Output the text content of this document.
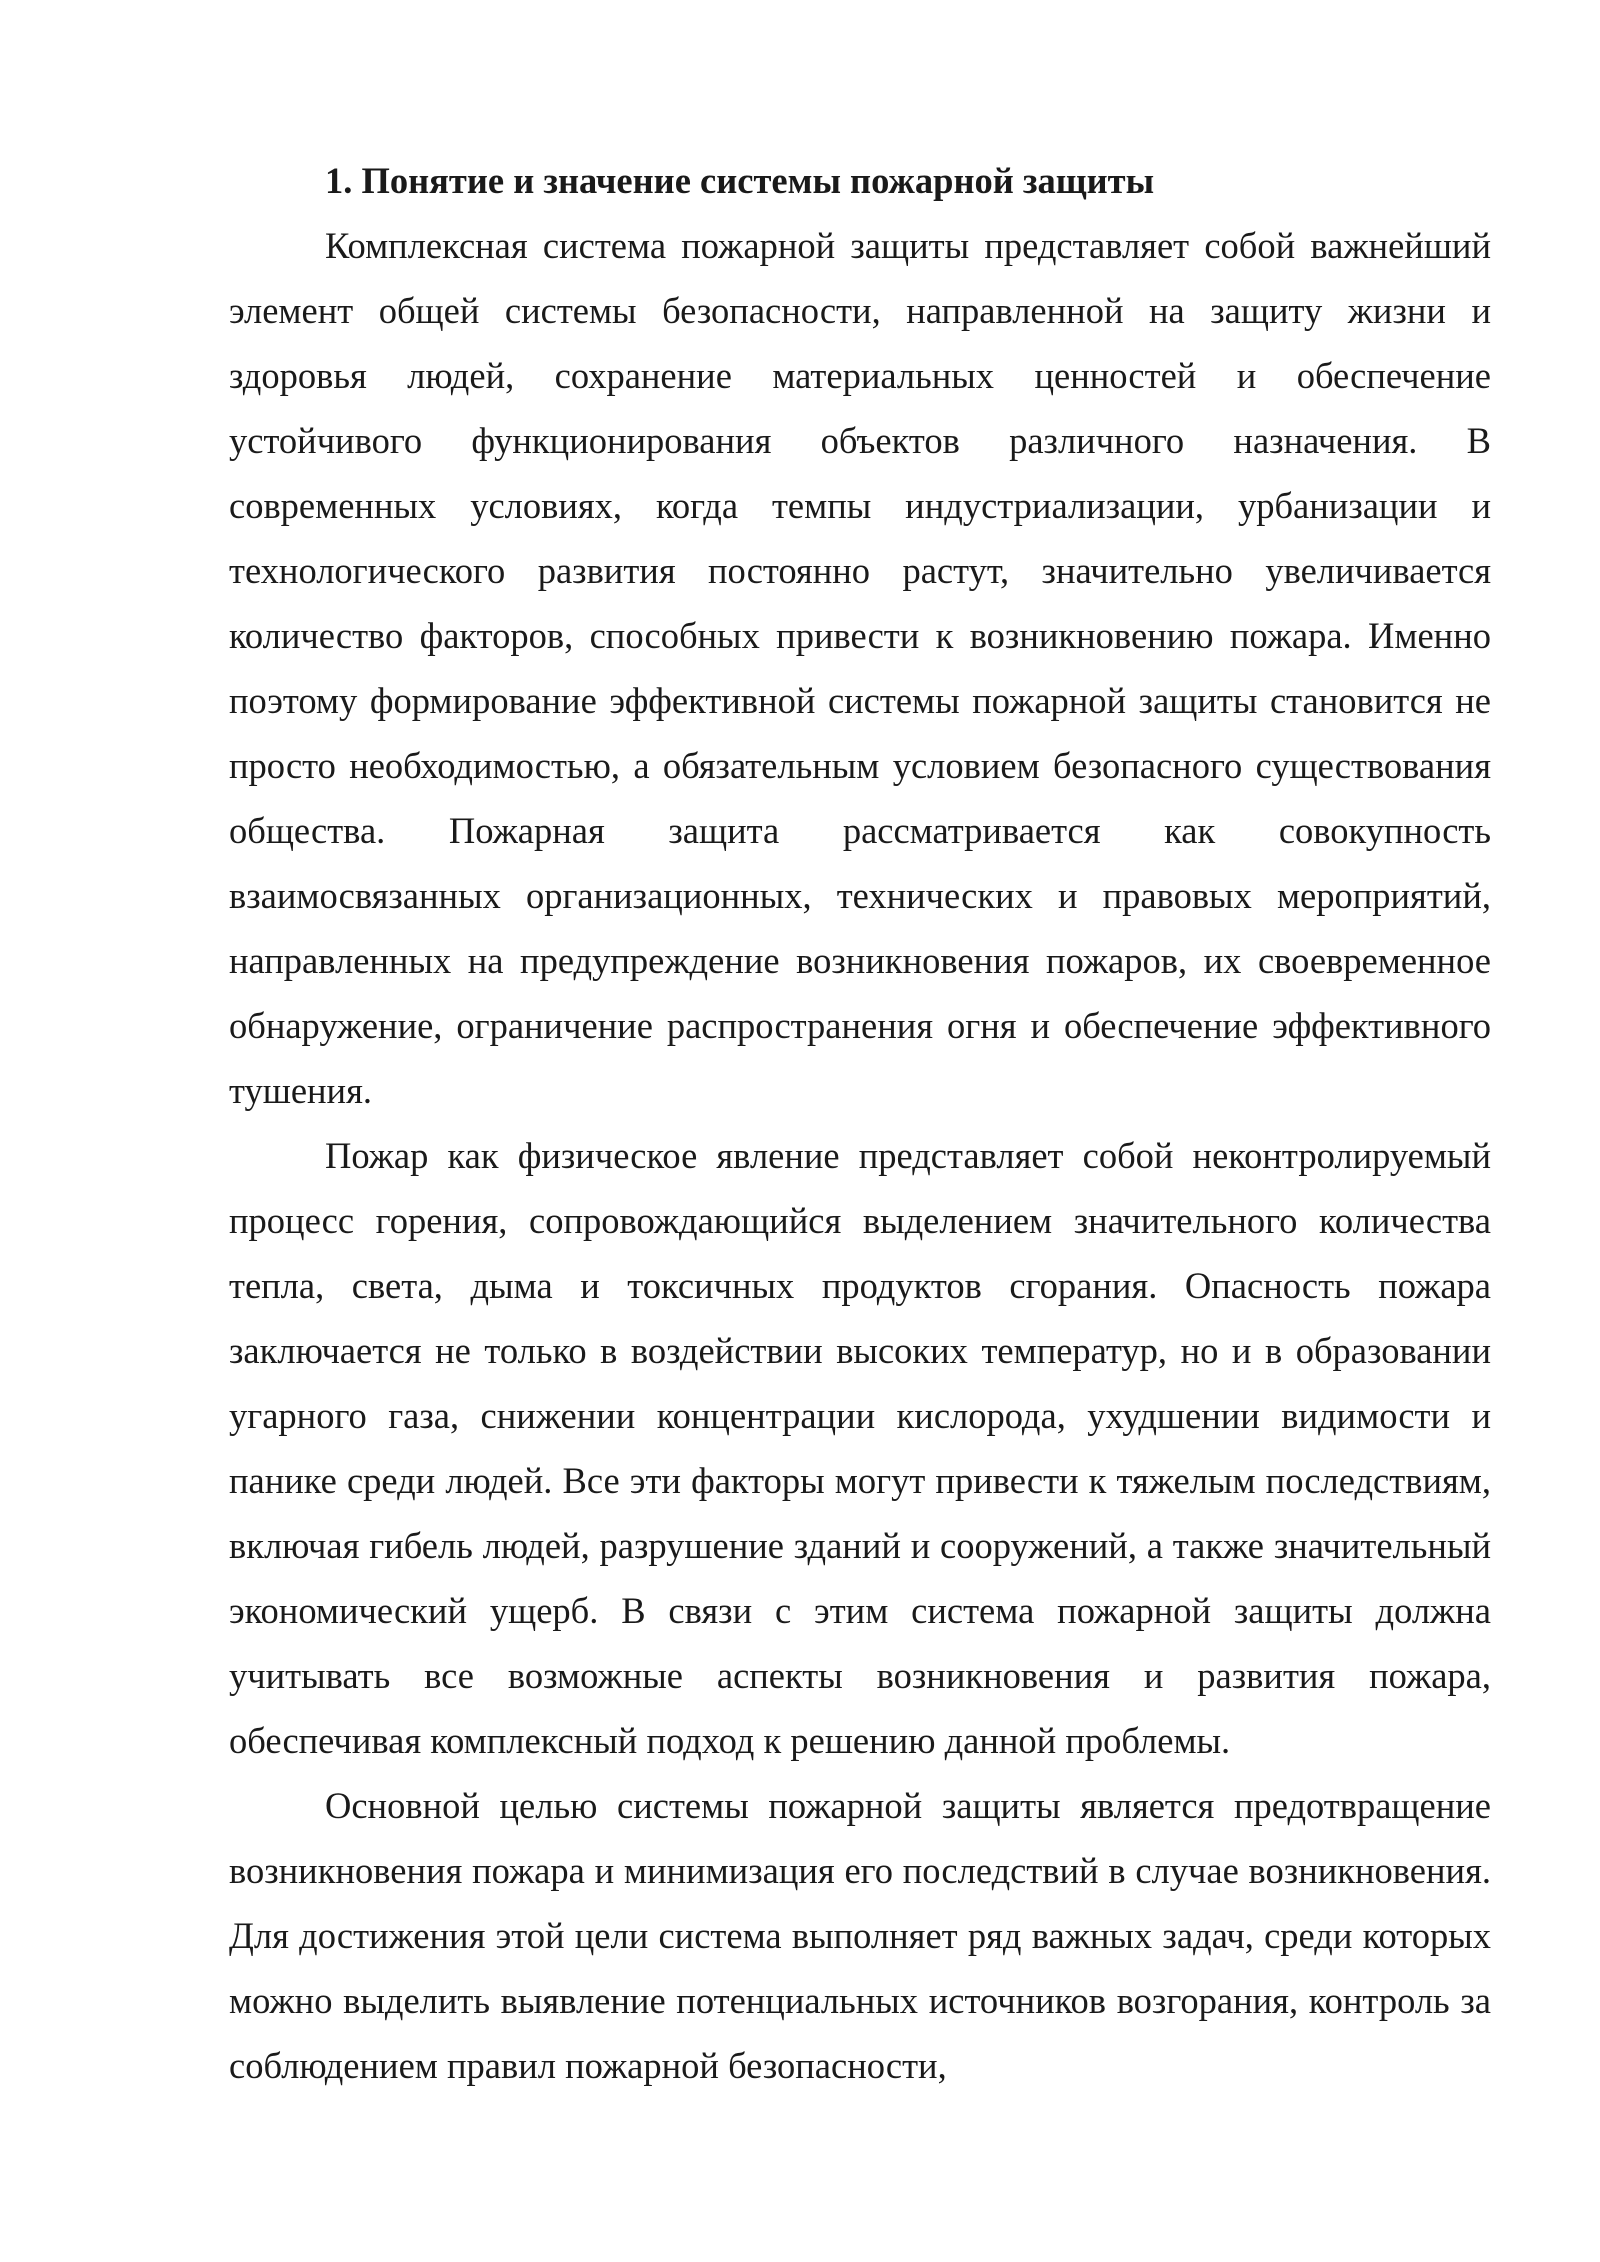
1. Понятие и значение системы пожарной защиты

Комплексная система пожарной защиты представляет собой важнейший элемент общей системы безопасности, направленной на защиту жизни и здоровья людей, сохранение материальных ценностей и обеспечение устойчивого функционирования объектов различного назначения. В современных условиях, когда темпы индустриализации, урбанизации и технологического развития постоянно растут, значительно увеличивается количество факторов, способных привести к возникновению пожара. Именно поэтому формирование эффективной системы пожарной защиты становится не просто необходимостью, а обязательным условием безопасного существования общества. Пожарная защита рассматривается как совокупность взаимосвязанных организационных, технических и правовых мероприятий, направленных на предупреждение возникновения пожаров, их своевременное обнаружение, ограничение распространения огня и обеспечение эффективного тушения.

Пожар как физическое явление представляет собой неконтролируемый процесс горения, сопровождающийся выделением значительного количества тепла, света, дыма и токсичных продуктов сгорания. Опасность пожара заключается не только в воздействии высоких температур, но и в образовании угарного газа, снижении концентрации кислорода, ухудшении видимости и панике среди людей. Все эти факторы могут привести к тяжелым последствиям, включая гибель людей, разрушение зданий и сооружений, а также значительный экономический ущерб. В связи с этим система пожарной защиты должна учитывать все возможные аспекты возникновения и развития пожара, обеспечивая комплексный подход к решению данной проблемы.

Основной целью системы пожарной защиты является предотвращение возникновения пожара и минимизация его последствий в случае возникновения. Для достижения этой цели система выполняет ряд важных задач, среди которых можно выделить выявление потенциальных источников возгорания, контроль за соблюдением правил пожарной безопасности,
